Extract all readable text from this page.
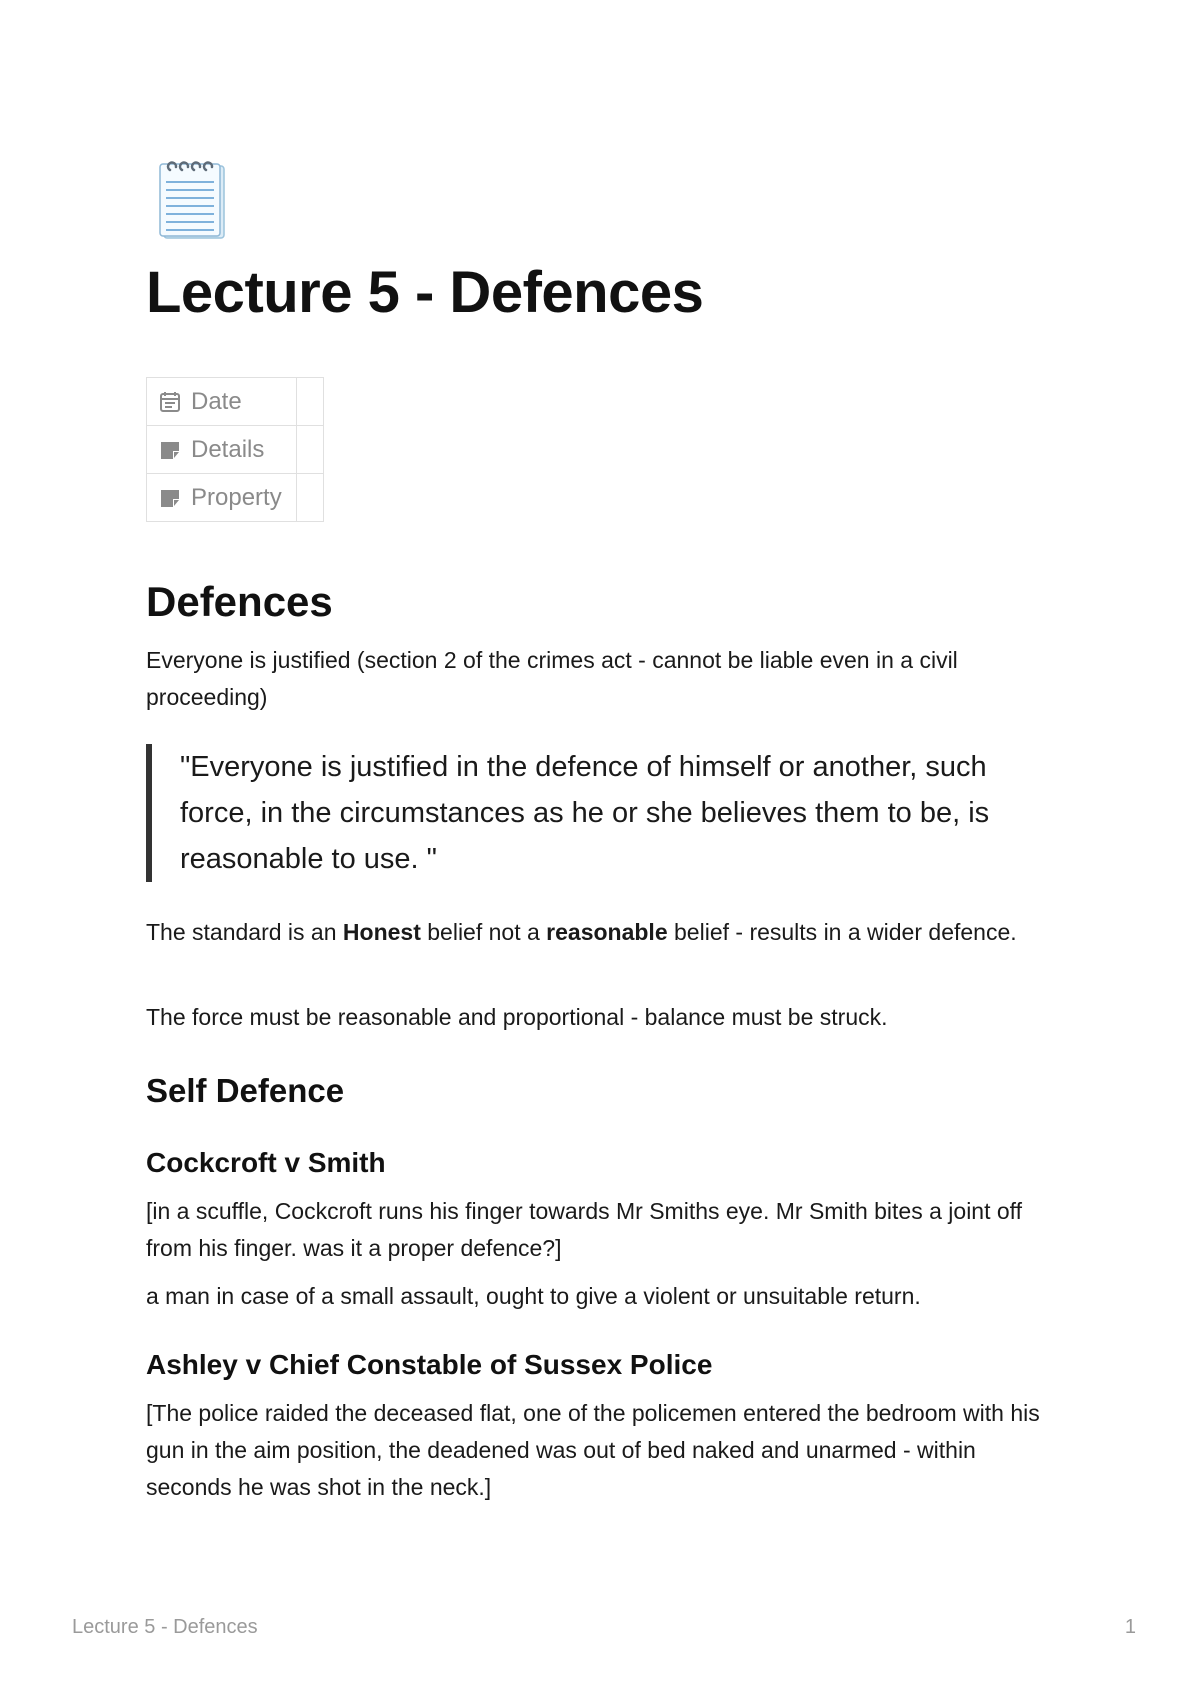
Lecture 5 - Defences
Date	

Details	

Property	

Defences

Everyone is justified (section 2 of the crimes act - cannot be liable even in a civil proceeding)

"Everyone is justified in the defence of himself or another, such force, in the circumstances as he or she believes them to be, is reasonable to use. "

The standard is an Honest belief not a reasonable belief - results in a wider defence.

The force must be reasonable and proportional - balance must be struck.

Self Defence
Cockcroft v Smith

[in a scuffle, Cockcroft runs his finger towards Mr Smiths eye. Mr Smith bites a joint off from his finger. was it a proper defence?]

a man in case of a small assault, ought to give a violent or unsuitable return.

Ashley v Chief Constable of Sussex Police

[The police raided the deceased flat, one of the policemen entered the bedroom with his gun in the aim position, the deadened was out of bed naked and unarmed - within seconds he was shot in the neck.]

Lecture 5 - Defences	1
